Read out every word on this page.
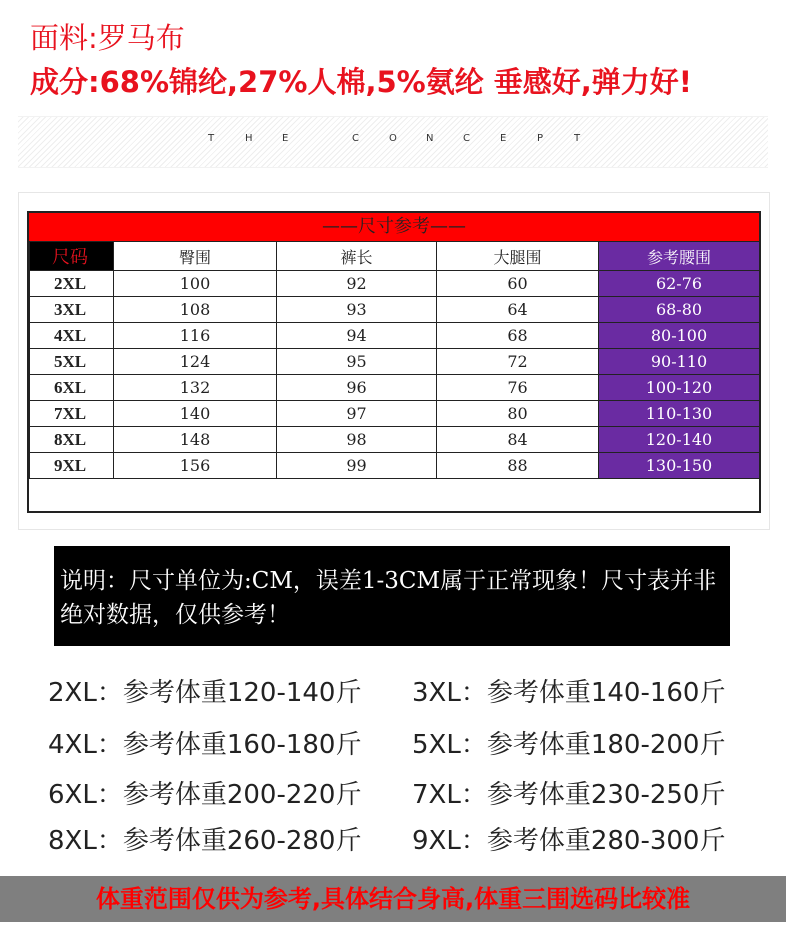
面料:罗马布
成分:68%锦纶,27%人棉,5%氨纶 垂感好,弹力好!
T	H	E	C	O	N	C	E	P	T
——尺寸参考——
尺码	臀围	裤长	大腿围	参考腰围
2XL	100	92	60	62-76
3XL	108	93	64	68-80
4XL	116	94	68	80-100
5XL	124	95	72	90-110
6XL	132	96	76	100-120
7XL	140	97	80	110-130
8XL	148	98	84	120-140
9XL	156	99	88	130-150

说明：尺寸单位为:CM，误差1-3CM属于正常现象！尺寸表并非绝对数据，仅供参考！

2XL：参考体重120-140斤 3XL：参考体重140-160斤
4XL：参考体重160-180斤 5XL：参考体重180-200斤
6XL：参考体重200-220斤 7XL：参考体重230-250斤
8XL：参考体重260-280斤 9XL：参考体重280-300斤
体重范围仅供为参考,具体结合身高,体重三围选码比较准
